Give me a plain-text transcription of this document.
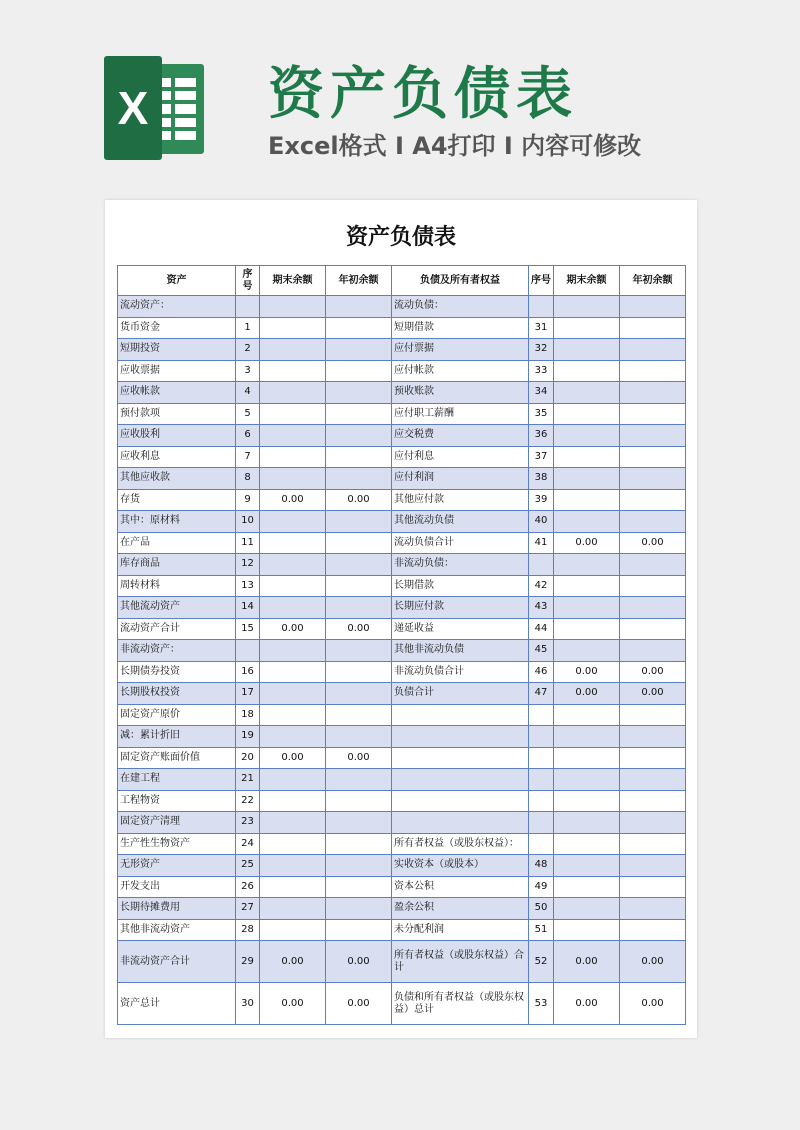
X 资产负债表
Excel格式 I A4打印 I 内容可修改
资产负债表
资产	序号	期末余额	年初余额	负债及所有者权益	序号	期末余额	年初余额
流动资产：				流动负债：			
货币资金	1			短期借款	31		
短期投资	2			应付票据	32		
应收票据	3			应付帐款	33		
应收帐款	4			预收账款	34		
预付款项	5			应付职工薪酬	35		
应收股利	6			应交税费	36		
应收利息	7			应付利息	37		
其他应收款	8			应付利润	38		
存货	9	0.00	0.00	其他应付款	39		
其中：原材料	10			其他流动负债	40		
在产品	11			流动负债合计	41	0.00	0.00
库存商品	12			非流动负债：			
周转材料	13			长期借款	42		
其他流动资产	14			长期应付款	43		
流动资产合计	15	0.00	0.00	递延收益	44		
非流动资产：				其他非流动负债	45		
长期债券投资	16			非流动负债合计	46	0.00	0.00
长期股权投资	17			负债合计	47	0.00	0.00
固定资产原价	18						
减：累计折旧	19						
固定资产账面价值	20	0.00	0.00				
在建工程	21						
工程物资	22						
固定资产清理	23						
生产性生物资产	24			所有者权益（或股东权益）：			
无形资产	25			实收资本（或股本）	48		
开发支出	26			资本公积	49		
长期待摊费用	27			盈余公积	50		
其他非流动资产	28			未分配利润	51		
非流动资产合计	29	0.00	0.00	所有者权益（或股东权益）合计	52	0.00	0.00
资产总计	30	0.00	0.00	负债和所有者权益（或股东权益）总计	53	0.00	0.00
